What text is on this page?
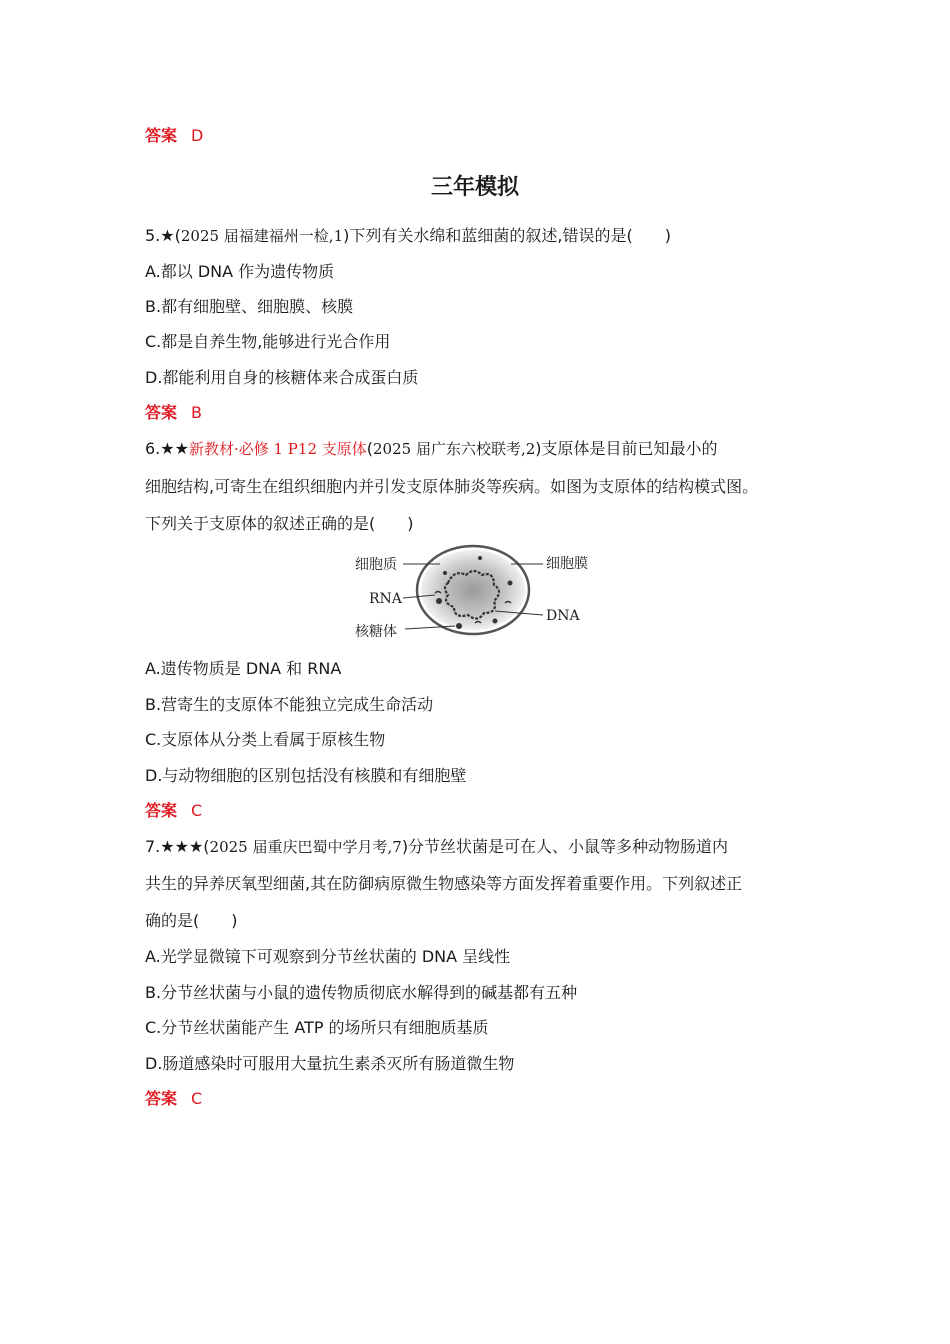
答案 D
三年模拟
5.★(2025 届福建福州一检,1)下列有关水绵和蓝细菌的叙述,错误的是(　　)
A.都以 DNA 作为遗传物质
B.都有细胞壁、细胞膜、核膜
C.都是自养生物,能够进行光合作用
D.都能利用自身的核糖体来合成蛋白质
答案 B
6.★★新教材·必修 1 P12 支原体(2025 届广东六校联考,2)支原体是目前已知最小的
细胞结构,可寄生在组织细胞内并引发支原体肺炎等疾病。如图为支原体的结构模式图。
下列关于支原体的叙述正确的是(　　)
细胞质
RNA
核糖体
细胞膜
DNA
A.遗传物质是 DNA 和 RNA
B.营寄生的支原体不能独立完成生命活动
C.支原体从分类上看属于原核生物
D.与动物细胞的区别包括没有核膜和有细胞壁
答案 C
7.★★★(2025 届重庆巴蜀中学月考,7)分节丝状菌是可在人、小鼠等多种动物肠道内
共生的异养厌氧型细菌,其在防御病原微生物感染等方面发挥着重要作用。下列叙述正
确的是(　　)
A.光学显微镜下可观察到分节丝状菌的 DNA 呈线性
B.分节丝状菌与小鼠的遗传物质彻底水解得到的碱基都有五种
C.分节丝状菌能产生 ATP 的场所只有细胞质基质
D.肠道感染时可服用大量抗生素杀灭所有肠道微生物
答案 C
